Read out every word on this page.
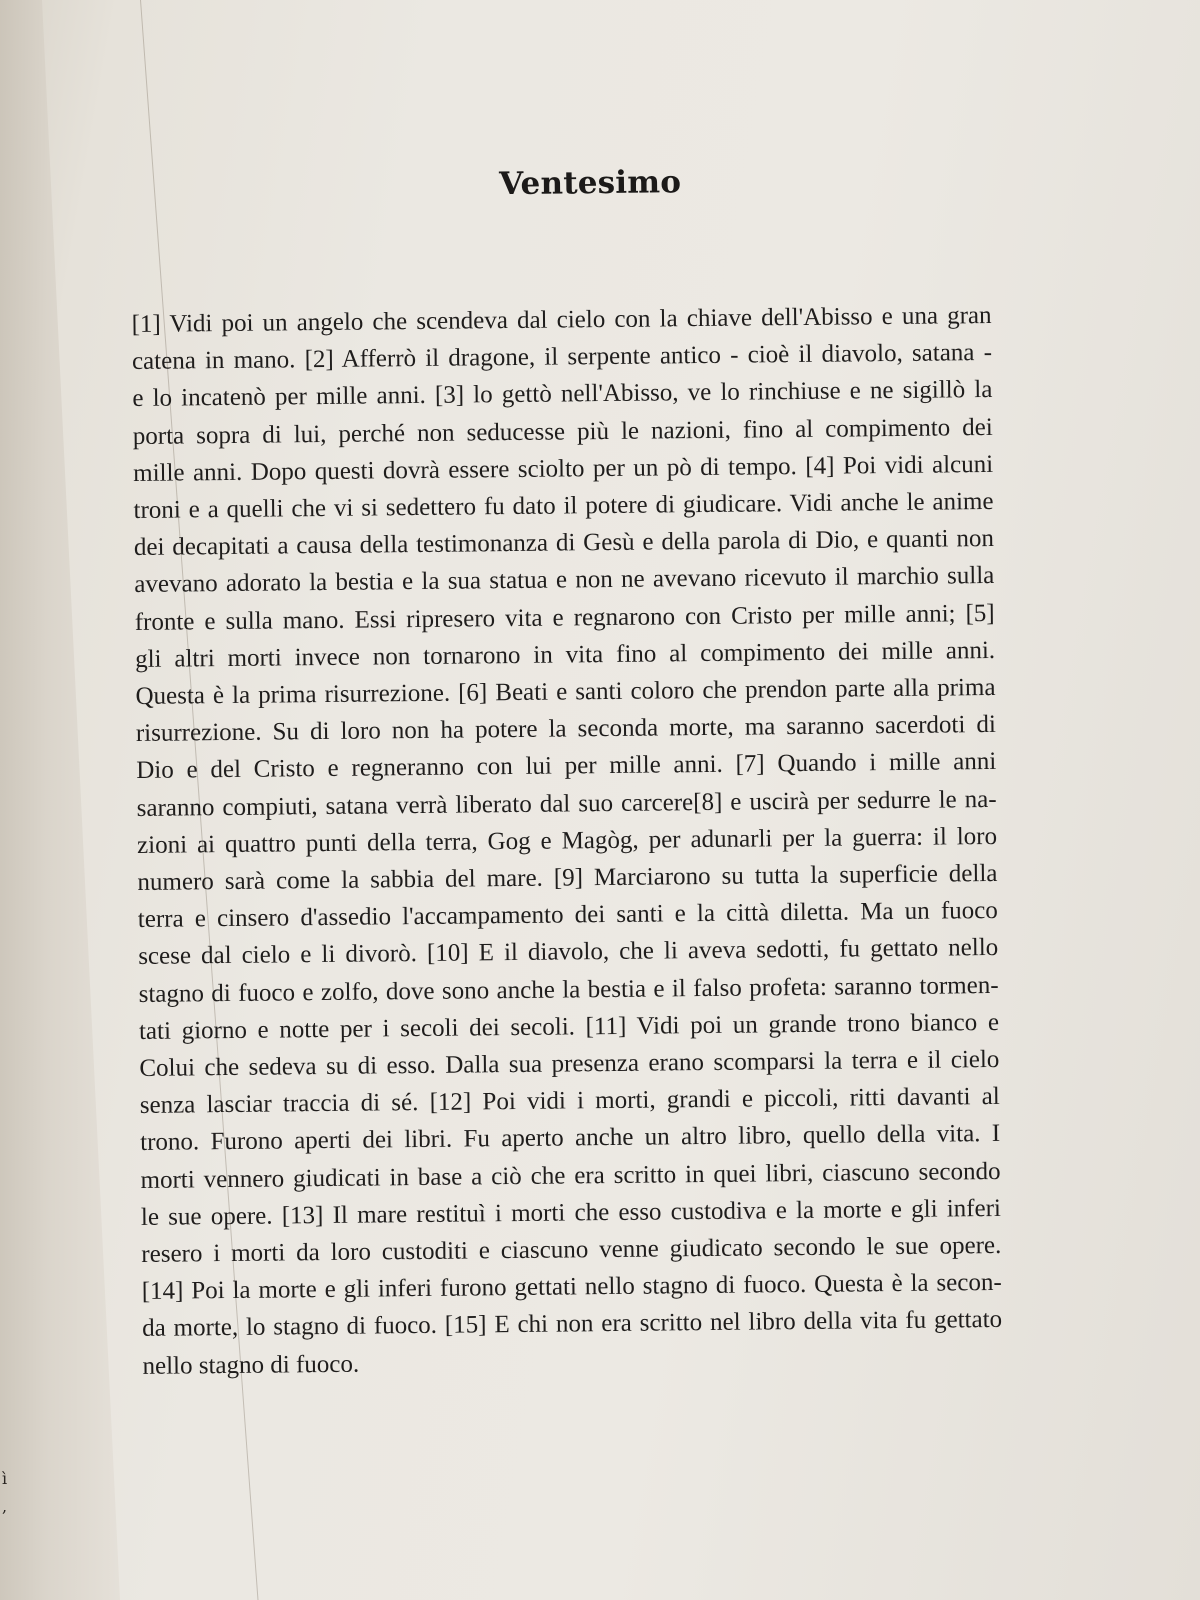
ì
,
Ventesimo
[1] Vidi poi un angelo che scendeva dal cielo con la chiave dell'Abisso e una gran
catena in mano. [2] Afferrò il dragone, il serpente antico - cioè il diavolo, satana -
e lo incatenò per mille anni. [3] lo gettò nell'Abisso, ve lo rinchiuse e ne sigillò la
porta sopra di lui, perché non seducesse più le nazioni, fino al compimento dei
mille anni. Dopo questi dovrà essere sciolto per un pò di tempo. [4] Poi vidi alcuni
troni e a quelli che vi si sedettero fu dato il potere di giudicare. Vidi anche le anime
dei decapitati a causa della testimonanza di Gesù e della parola di Dio, e quanti non
avevano adorato la bestia e la sua statua e non ne avevano ricevuto il marchio sulla
fronte e sulla mano. Essi ripresero vita e regnarono con Cristo per mille anni; [5]
gli altri morti invece non tornarono in vita fino al compimento dei mille anni.
Questa è la prima risurrezione. [6] Beati e santi coloro che prendon parte alla prima
risurrezione. Su di loro non ha potere la seconda morte, ma saranno sacerdoti di
Dio e del Cristo e regneranno con lui per mille anni. [7] Quando i mille anni
saranno compiuti, satana verrà liberato dal suo carcere[8] e uscirà per sedurre le na-
zioni ai quattro punti della terra, Gog e Magòg, per adunarli per la guerra: il loro
numero sarà come la sabbia del mare. [9] Marciarono su tutta la superficie della
terra e cinsero d'assedio l'accampamento dei santi e la città diletta. Ma un fuoco
scese dal cielo e li divorò. [10] E il diavolo, che li aveva sedotti, fu gettato nello
stagno di fuoco e zolfo, dove sono anche la bestia e il falso profeta: saranno tormen-
tati giorno e notte per i secoli dei secoli. [11] Vidi poi un grande trono bianco e
Colui che sedeva su di esso. Dalla sua presenza erano scomparsi la terra e il cielo
senza lasciar traccia di sé. [12] Poi vidi i morti, grandi e piccoli, ritti davanti al
trono. Furono aperti dei libri. Fu aperto anche un altro libro, quello della vita. I
morti vennero giudicati in base a ciò che era scritto in quei libri, ciascuno secondo
le sue opere. [13] Il mare restituì i morti che esso custodiva e la morte e gli inferi
resero i morti da loro custoditi e ciascuno venne giudicato secondo le sue opere.
[14] Poi la morte e gli inferi furono gettati nello stagno di fuoco. Questa è la secon-
da morte, lo stagno di fuoco. [15] E chi non era scritto nel libro della vita fu gettato
nello stagno di fuoco.
